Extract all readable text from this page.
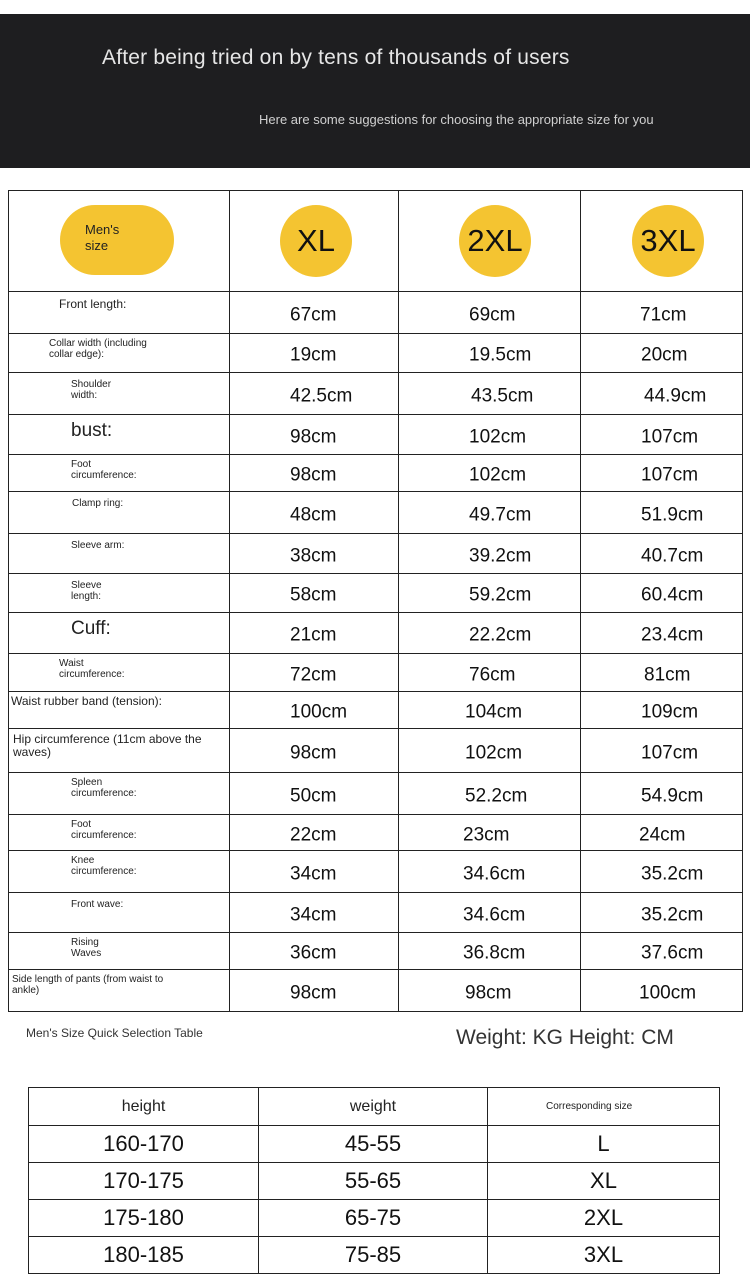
After being tried on by tens of thousands of users
Here are some suggestions for choosing the appropriate size for you
Men's size	XL	2XL	3XL

Front length:	67cm	69cm	71cm

Collar width (including collar edge):	19cm	19.5cm	20cm

Shoulder width:	42.5cm	43.5cm	44.9cm

bust:	98cm	102cm	107cm

Foot circumference:	98cm	102cm	107cm

Clamp ring:	48cm	49.7cm	51.9cm

Sleeve arm:	38cm	39.2cm	40.7cm

Sleeve length:	58cm	59.2cm	60.4cm

Cuff:	21cm	22.2cm	23.4cm

Waist circumference:	72cm	76cm	81cm

Waist rubber band (tension):	100cm	104cm	109cm

Hip circumference (11cm above the waves)	98cm	102cm	107cm

Spleen circumference:	50cm	52.2cm	54.9cm

Foot circumference:	22cm	23cm	24cm

Knee circumference:	34cm	34.6cm	35.2cm

Front wave:	34cm	34.6cm	35.2cm

Rising Waves	36cm	36.8cm	37.6cm

Side length of pants (from waist to ankle)	98cm	98cm	100cm
Men's Size Quick Selection Table	Weight: KG Height: CM
height	weight	Corresponding size
160-170	45-55	L
170-175	55-65	XL
175-180	65-75	2XL
180-185	75-85	3XL
